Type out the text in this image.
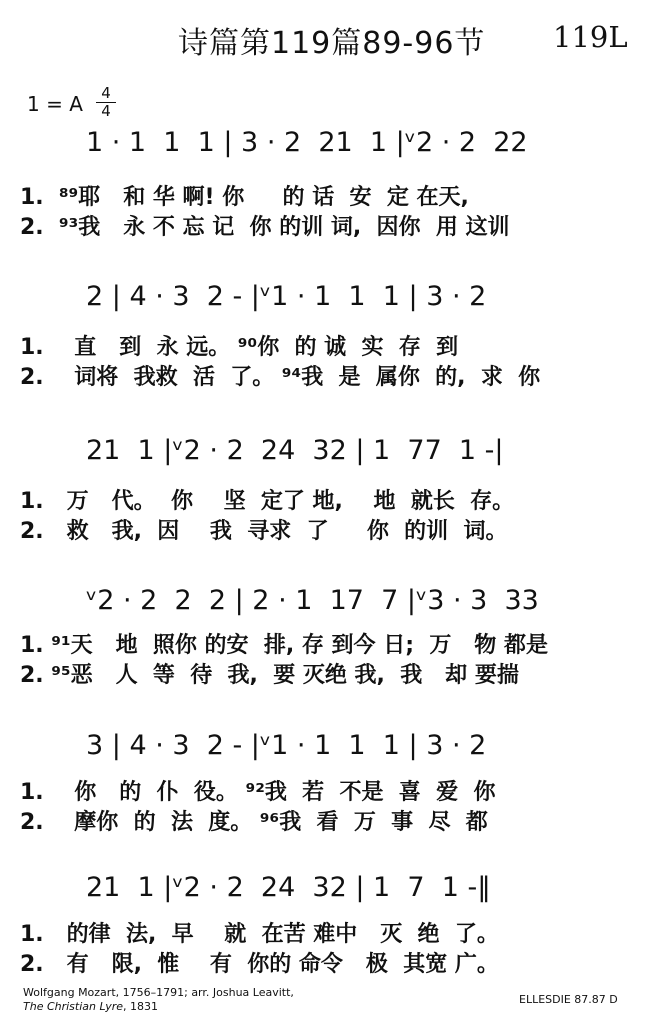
诗篇第119篇89-96节 119L
1 = A	4
4
1 · 1  1  1 | 3 · 2  21  1 |ᵛ2 · 2  22
1.  ⁸⁹耶   和 华 啊! 你     的 话  安  定 在天,
2.  ⁹³我   永 不 忘 记  你 的训 词,  因你  用 这训
2 | 4 · 3  2 - |ᵛ1 · 1  1  1 | 3 · 2
1.    直   到  永 远。 ⁹⁰你  的 诚  实  存  到
2.    词将  我救  活  了。 ⁹⁴我  是  属你  的,  求  你
21  1 |ᵛ2 · 2  24  32 | 1  77  1 -|
1.   万   代。  你    坚  定了 地,    地  就长  存。
2.   救   我,  因    我  寻求  了     你  的训  词。
ᵛ2 · 2  2  2 | 2 · 1  17  7 |ᵛ3 · 3  33
1. ⁹¹天   地  照你 的安  排, 存 到今 日;  万   物 都是
2. ⁹⁵恶   人  等  待  我,  要 灭绝 我,  我   却 要揣
3 | 4 · 3  2 - |ᵛ1 · 1  1  1 | 3 · 2
1.    你   的  仆  役。 ⁹²我  若  不是  喜  爱  你
2.    摩你  的  法  度。 ⁹⁶我  看  万  事  尽  都
21  1 |ᵛ2 · 2  24  32 | 1  7  1 -‖
1.   的律  法,  早    就  在苦 难中   灭  绝  了。
2.   有   限,  惟    有  你的 命令   极  其宽 广。
Wolfgang Mozart, 1756–1791; arr. Joshua Leavitt,
The Christian Lyre, 1831
ELLESDIE 87.87 D
